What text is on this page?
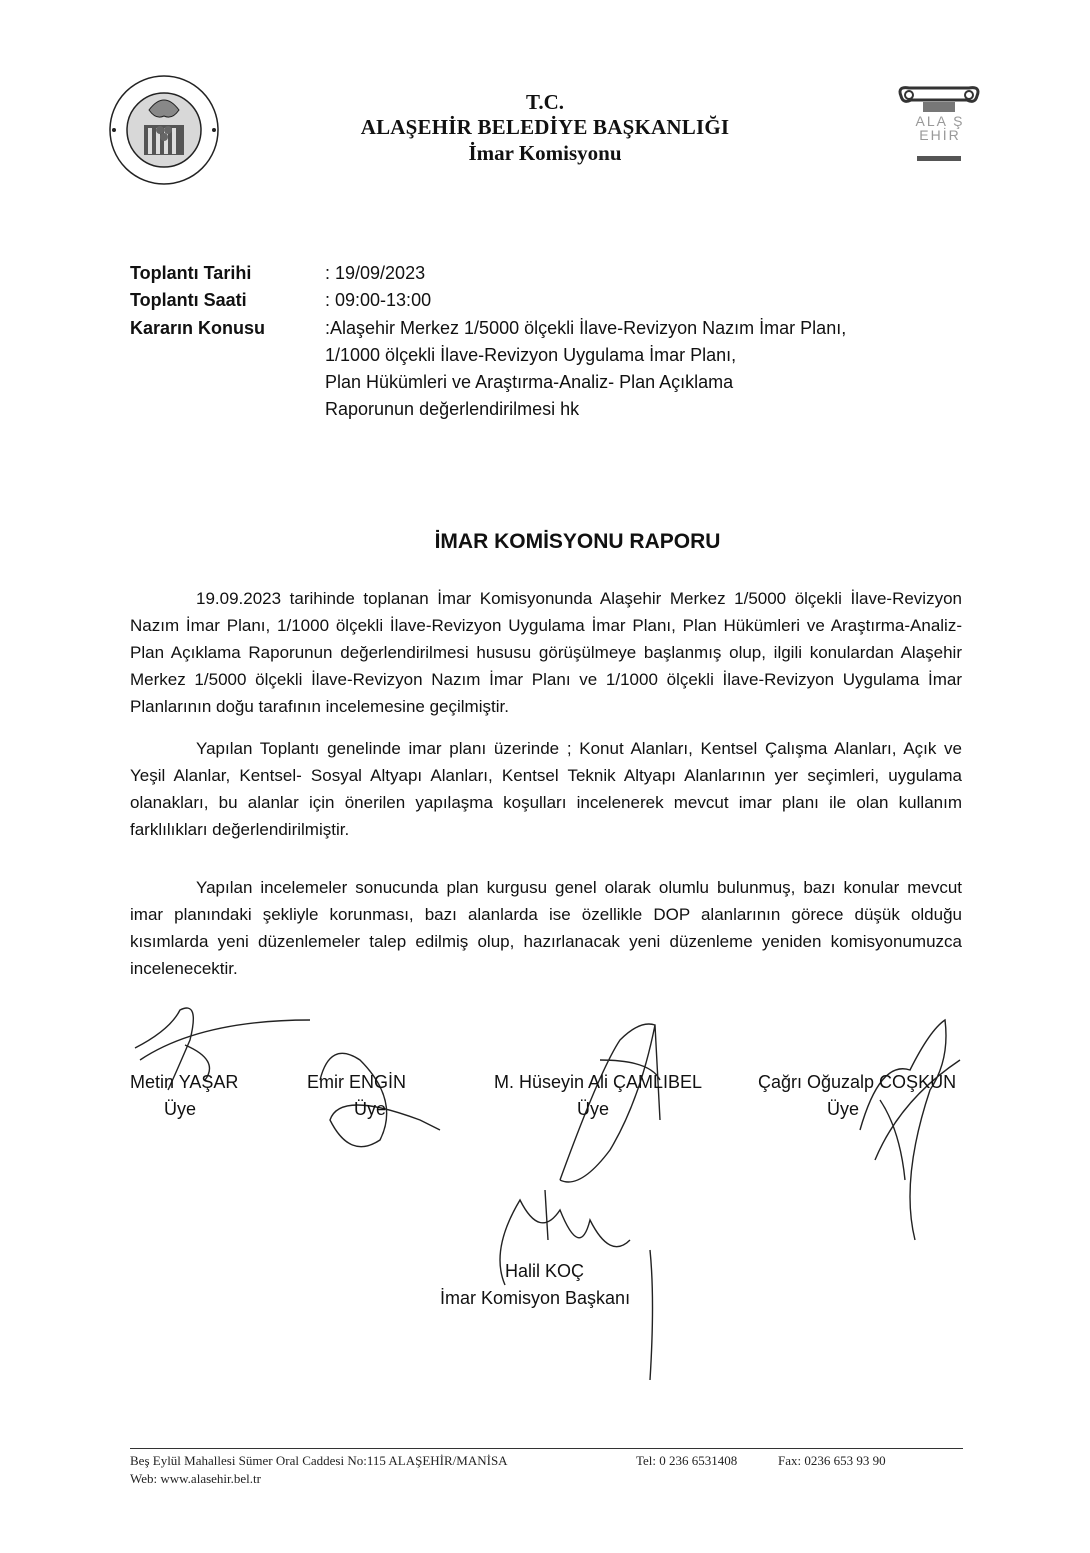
ALA ŞEHİR
T.C.
ALAŞEHİR BELEDİYE BAŞKANLIĞI
İmar Komisyonu
Toplantı Tarihi	: 19/09/2023
Toplantı Saati	: 09:00-13:00
Kararın Konusu	:Alaşehir Merkez 1/5000 ölçekli İlave-Revizyon Nazım İmar Planı,
1/1000 ölçekli İlave-Revizyon Uygulama İmar Planı,
Plan Hükümleri ve Araştırma-Analiz- Plan Açıklama
Raporunun değerlendirilmesi hk
İMAR KOMİSYONU RAPORU

19.09.2023 tarihinde toplanan İmar Komisyonunda Alaşehir Merkez 1/5000 ölçekli İlave-Revizyon Nazım İmar Planı, 1/1000 ölçekli İlave-Revizyon Uygulama İmar Planı, Plan Hükümleri ve Araştırma-Analiz- Plan Açıklama Raporunun değerlendirilmesi hususu görüşülmeye başlanmış olup, ilgili konulardan Alaşehir Merkez 1/5000 ölçekli İlave-Revizyon Nazım İmar Planı ve 1/1000 ölçekli İlave-Revizyon Uygulama İmar Planlarının doğu tarafının incelemesine geçilmiştir.

Yapılan Toplantı genelinde imar planı üzerinde ; Konut Alanları, Kentsel Çalışma Alanları, Açık ve Yeşil Alanlar, Kentsel- Sosyal Altyapı Alanları, Kentsel Teknik Altyapı Alanlarının yer seçimleri, uygulama olanakları, bu alanlar için önerilen yapılaşma koşulları incelenerek mevcut imar planı ile olan kullanım farklılıkları değerlendirilmiştir.

Yapılan incelemeler sonucunda plan kurgusu genel olarak olumlu bulunmuş, bazı konular mevcut imar planındaki şekliyle korunması, bazı alanlarda ise özellikle DOP alanlarının görece düşük olduğu kısımlarda yeni düzenlemeler talep edilmiş olup, hazırlanacak yeni düzenleme yeniden komisyonumuzca incelenecektir.

Metin YAŞAR
Üye
Emir ENGİN
Üye
M. Hüseyin Ali ÇAMLIBEL
Üye
Çağrı Oğuzalp COŞKUN
Üye
Halil KOÇ
İmar Komisyon Başkanı
Beş Eylül Mahallesi Sümer Oral Caddesi No:115 ALAŞEHİR/MANİSA	Tel: 0 236 6531408	Fax: 0236 653 93 90
Web: www.alasehir.bel.tr
